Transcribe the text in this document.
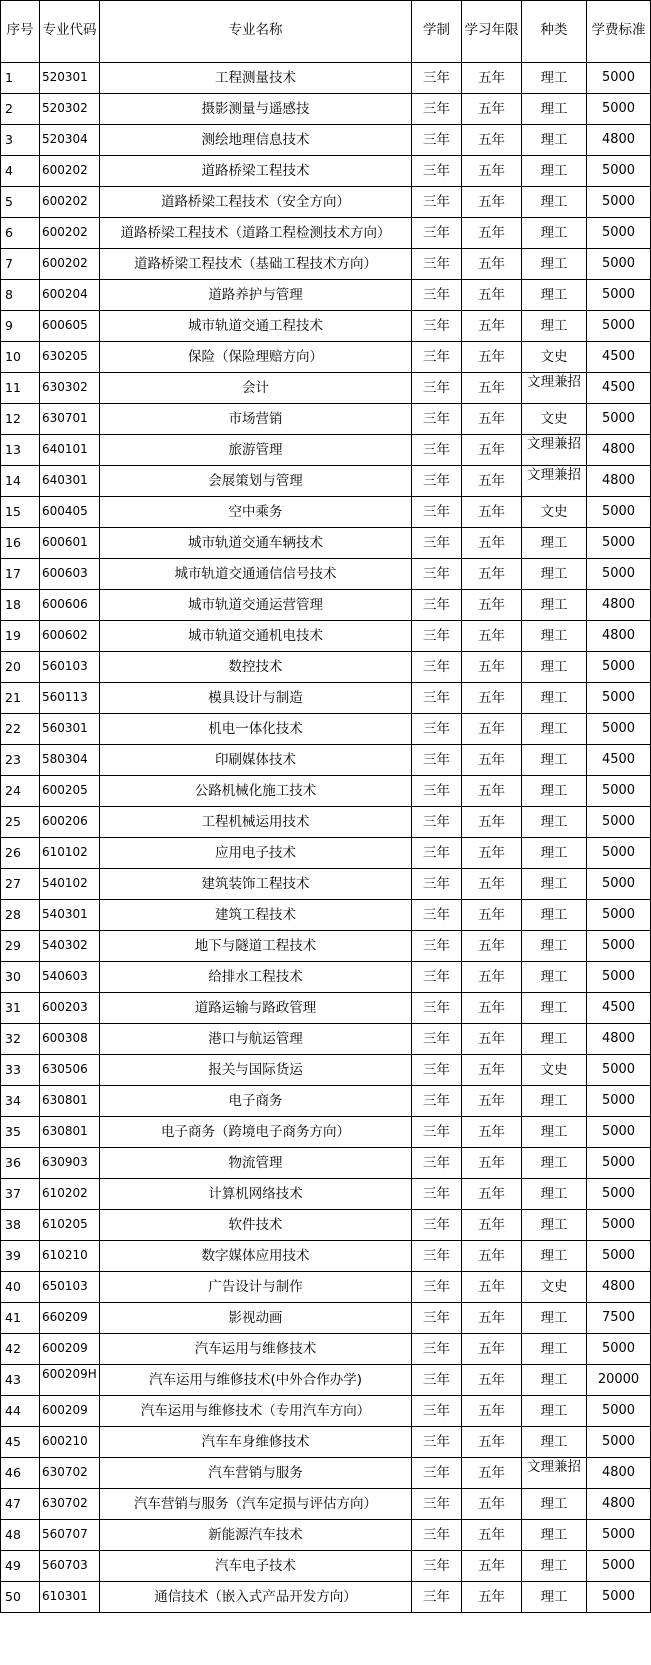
序号	专业代码	专业名称	学制	学习年限	种类	学费标准
1	520301	工程测量技术	三年	五年	理工	5000
2	520302	摄影测量与遥感技	三年	五年	理工	5000
3	520304	测绘地理信息技术	三年	五年	理工	4800
4	600202	道路桥梁工程技术	三年	五年	理工	5000
5	600202	道路桥梁工程技术（安全方向）	三年	五年	理工	5000
6	600202	道路桥梁工程技术（道路工程检测技术方向）	三年	五年	理工	5000
7	600202	道路桥梁工程技术（基础工程技术方向）	三年	五年	理工	5000
8	600204	道路养护与管理	三年	五年	理工	5000
9	600605	城市轨道交通工程技术	三年	五年	理工	5000
10	630205	保险（保险理赔方向）	三年	五年	文史	4500
11	630302	会计	三年	五年	文理兼招	4500
12	630701	市场营销	三年	五年	文史	5000
13	640101	旅游管理	三年	五年	文理兼招	4800
14	640301	会展策划与管理	三年	五年	文理兼招	4800
15	600405	空中乘务	三年	五年	文史	5000
16	600601	城市轨道交通车辆技术	三年	五年	理工	5000
17	600603	城市轨道交通通信信号技术	三年	五年	理工	5000
18	600606	城市轨道交通运营管理	三年	五年	理工	4800
19	600602	城市轨道交通机电技术	三年	五年	理工	4800
20	560103	数控技术	三年	五年	理工	5000
21	560113	模具设计与制造	三年	五年	理工	5000
22	560301	机电一体化技术	三年	五年	理工	5000
23	580304	印刷媒体技术	三年	五年	理工	4500
24	600205	公路机械化施工技术	三年	五年	理工	5000
25	600206	工程机械运用技术	三年	五年	理工	5000
26	610102	应用电子技术	三年	五年	理工	5000
27	540102	建筑装饰工程技术	三年	五年	理工	5000
28	540301	建筑工程技术	三年	五年	理工	5000
29	540302	地下与隧道工程技术	三年	五年	理工	5000
30	540603	给排水工程技术	三年	五年	理工	5000
31	600203	道路运输与路政管理	三年	五年	理工	4500
32	600308	港口与航运管理	三年	五年	理工	4800
33	630506	报关与国际货运	三年	五年	文史	5000
34	630801	电子商务	三年	五年	理工	5000
35	630801	电子商务（跨境电子商务方向）	三年	五年	理工	5000
36	630903	物流管理	三年	五年	理工	5000
37	610202	计算机网络技术	三年	五年	理工	5000
38	610205	软件技术	三年	五年	理工	5000
39	610210	数字媒体应用技术	三年	五年	理工	5000
40	650103	广告设计与制作	三年	五年	文史	4800
41	660209	影视动画	三年	五年	理工	7500
42	600209	汽车运用与维修技术	三年	五年	理工	5000
43	600209H	汽车运用与维修技术(中外合作办学)	三年	五年	理工	20000
44	600209	汽车运用与维修技术（专用汽车方向）	三年	五年	理工	5000
45	600210	汽车车身维修技术	三年	五年	理工	5000
46	630702	汽车营销与服务	三年	五年	文理兼招	4800
47	630702	汽车营销与服务（汽车定损与评估方向）	三年	五年	理工	4800
48	560707	新能源汽车技术	三年	五年	理工	5000
49	560703	汽车电子技术	三年	五年	理工	5000
50	610301	通信技术（嵌入式产品开发方向）	三年	五年	理工	5000
